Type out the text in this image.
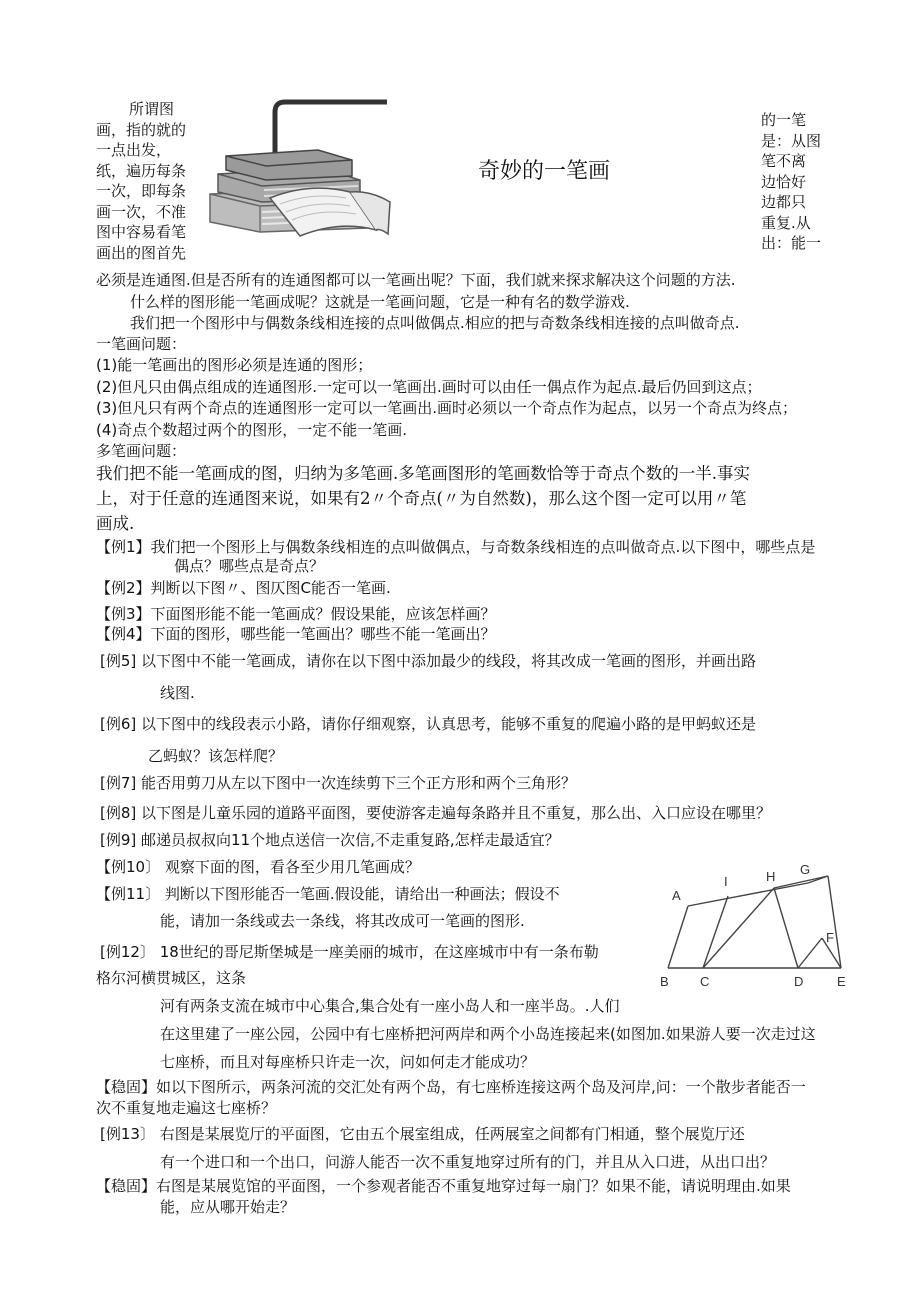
所谓图
画，指的就的
一点出发，
纸，遍历每条
一次，即每条
画一次，不准
图中容易看笔
画出的图首先
奇妙的一笔画
的一笔
是：从图
笔不离
边恰好
边都只
重复.从
出：能一
必须是连通图.但是否所有的连通图都可以一笔画出呢？下面，我们就来探求解决这个问题的方法.
什么样的图形能一笔画成呢？这就是一笔画问题，它是一种有名的数学游戏.
我们把一个图形中与偶数条线相连接的点叫做偶点.相应的把与奇数条线相连接的点叫做奇点.
一笔画问题：
(1)能一笔画出的图形必须是连通的图形；
(2)但凡只由偶点组成的连通图形.一定可以一笔画出.画时可以由任一偶点作为起点.最后仍回到这点；
(3)但凡只有两个奇点的连通图形一定可以一笔画出.画时必须以一个奇点作为起点，以另一个奇点为终点；
(4)奇点个数超过两个的图形，一定不能一笔画.
多笔画问题：
我们把不能一笔画成的图，归纳为多笔画.多笔画图形的笔画数恰等于奇点个数的一半.事实
上，对于任意的连通图来说，如果有2〃个奇点(〃为自然数)，那么这个图一定可以用〃笔
画成.
【例1】我们把一个图形上与偶数条线相连的点叫做偶点，与奇数条线相连的点叫做奇点.以下图中，哪些点是
偶点？哪些点是奇点？
【例2】判断以下图〃、图仄图C能否一笔画.
【例3】下面图形能不能一笔画成？假设果能，应该怎样画？
【例4】下面的图形，哪些能一笔画出？哪些不能一笔画出？
[例5] 以下图中不能一笔画成，请你在以下图中添加最少的线段，将其改成一笔画的图形，并画出路
线图.
[例6] 以下图中的线段表示小路，请你仔细观察，认真思考，能够不重复的爬遍小路的是甲蚂蚁还是
乙蚂蚁？该怎样爬？
[例7] 能否用剪刀从左以下图中一次连续剪下三个正方形和两个三角形？
[例8] 以下图是儿童乐园的道路平面图，要使游客走遍每条路并且不重复，那么出、入口应设在哪里？
[例9] 邮递员叔叔向11个地点送信一次信,不走重复路,怎样走最适宜？
【例10〕 观察下面的图，看各至少用几笔画成？
【例11〕 判断以下图形能否一笔画.假设能，请给出一种画法；假设不
能，请加一条线或去一条线，将其改成可一笔画的图形.
[例12〕 18世纪的哥尼斯堡城是一座美丽的城市，在这座城市中有一条布勒
格尔河横贯城区，这条
河有两条支流在城市中心集合,集合处有一座小岛人和一座半岛。.人们
在这里建了一座公园，公园中有七座桥把河两岸和两个小岛连接起来(如图加.如果游人要一次走过这
七座桥，而且对每座桥只许走一次，问如何走才能成功？
【稳固】如以下图所示，两条河流的交汇处有两个岛，有七座桥连接这两个岛及河岸,问：一个散步者能否一
次不重复地走遍这七座桥？
[例13〕 右图是某展览厅的平面图，它由五个展室组成，任两展室之间都有门相通，整个展览厅还
有一个进口和一个出口，问游人能否一次不重复地穿过所有的门，并且从入口进，从出口出？
【稳固】右图是某展览馆的平面图，一个参观者能否不重复地穿过每一扇门？如果不能，请说明理由.如果
能，应从哪开始走？
A
I	H G
F
B C	D	E
